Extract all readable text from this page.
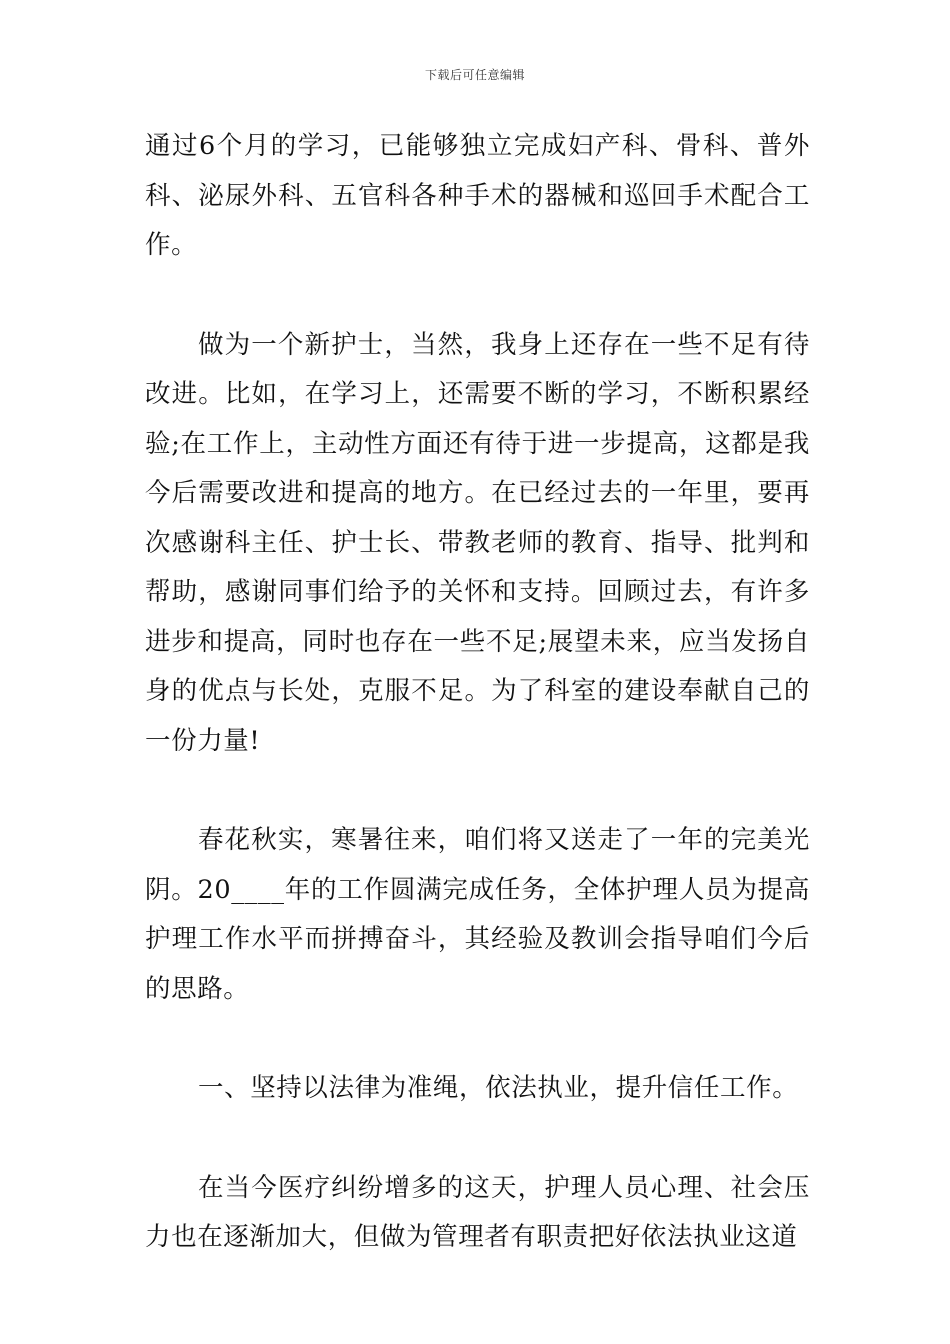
下载后可任意编辑

通过6个月的学习，已能够独立完成妇产科、骨科、普外科、泌尿外科、五官科各种手术的器械和巡回手术配合工作。

做为一个新护士，当然，我身上还存在一些不足有待改进。比如，在学习上，还需要不断的学习，不断积累经验;在工作上，主动性方面还有待于进一步提高，这都是我今后需要改进和提高的地方。在已经过去的一年里，要再次感谢科主任、护士长、带教老师的教育、指导、批判和帮助，感谢同事们给予的关怀和支持。回顾过去，有许多进步和提高，同时也存在一些不足;展望未来，应当发扬自身的优点与长处，克服不足。为了科室的建设奉献自己的一份力量!

春花秋实，寒暑往来，咱们将又送走了一年的完美光阴。20____年的工作圆满完成任务，全体护理人员为提高护理工作水平而拼搏奋斗，其经验及教训会指导咱们今后的思路。

一、坚持以法律为准绳，依法执业，提升信任工作。

在当今医疗纠纷增多的这天，护理人员心理、社会压力也在逐渐加大，但做为管理者有职责把好依法执业这道
